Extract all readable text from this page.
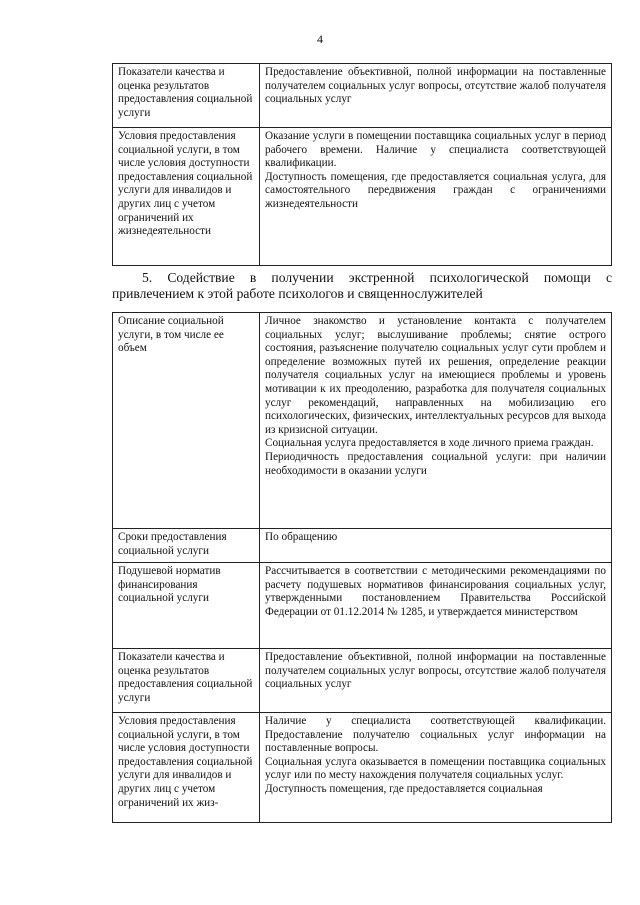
4
Показатели качества и оценка результатов предоставления социальной услуги	Предоставление объективной, полной информации на поставленные получателем социальных услуг вопросы, отсутствие жалоб получателя социальных услуг

Условия предоставления социальной услуги, в том числе условия доступности предоставления социальной услуги для инвалидов и других лиц с учетом ограничений их жизнедеятельности	Оказание услуги в помещении поставщика социальных услуг в период рабочего времени. Наличие у специалиста соответствующей квалификации.

Доступность помещения, где предоставляется социальная услуга, для самостоятельного передвижения граждан с ограничениями жизнедеятельности

5. Содействие в получении экстренной психологической помощи с привлечением к этой работе психологов и священнослужителей
Описание социальной услуги, в том числе ее объем	Личное знакомство и установление контакта с получателем социальных услуг; выслушивание проблемы; снятие острого состояния, разъяснение получателю социальных услуг сути проблем и определение возможных путей их решения, определение реакции получателя социальных услуг на имеющиеся проблемы и уровень мотивации к их преодолению, разработка для получателя социальных услуг рекомендаций, направленных на мобилизацию его психологических, физических, интеллектуальных ресурсов для выхода из кризисной ситуации.

Социальная услуга предоставляется в ходе личного приема граждан.

Периодичность предоставления социальной услуги: при наличии необходимости в оказании услуги

Сроки предоставления социальной услуги	По обращению

Подушевой норматив финансирования социальной услуги	Рассчитывается в соответствии с методическими рекомендациями по расчету подушевых нормативов финансирования социальных услуг, утвержденными постановлением Правительства Российской Федерации от 01.12.2014 № 1285, и утверждается министерством

Показатели качества и оценка результатов предоставления социальной услуги	Предоставление объективной, полной информации на поставленные получателем социальных услуг вопросы, отсутствие жалоб получателя социальных услуг

Условия предоставления социальной услуги, в том числе условия доступности предоставления социальной услуги для инвалидов и других лиц с учетом ограничений их жиз-	Наличие у специалиста соответствующей квалификации. Предоставление получателю социальных услуг информации на поставленные вопросы.

Социальная услуга оказывается в помещении поставщика социальных услуг или по месту нахождения получателя социальных услуг.

Доступность помещения, где предоставляется социальная
